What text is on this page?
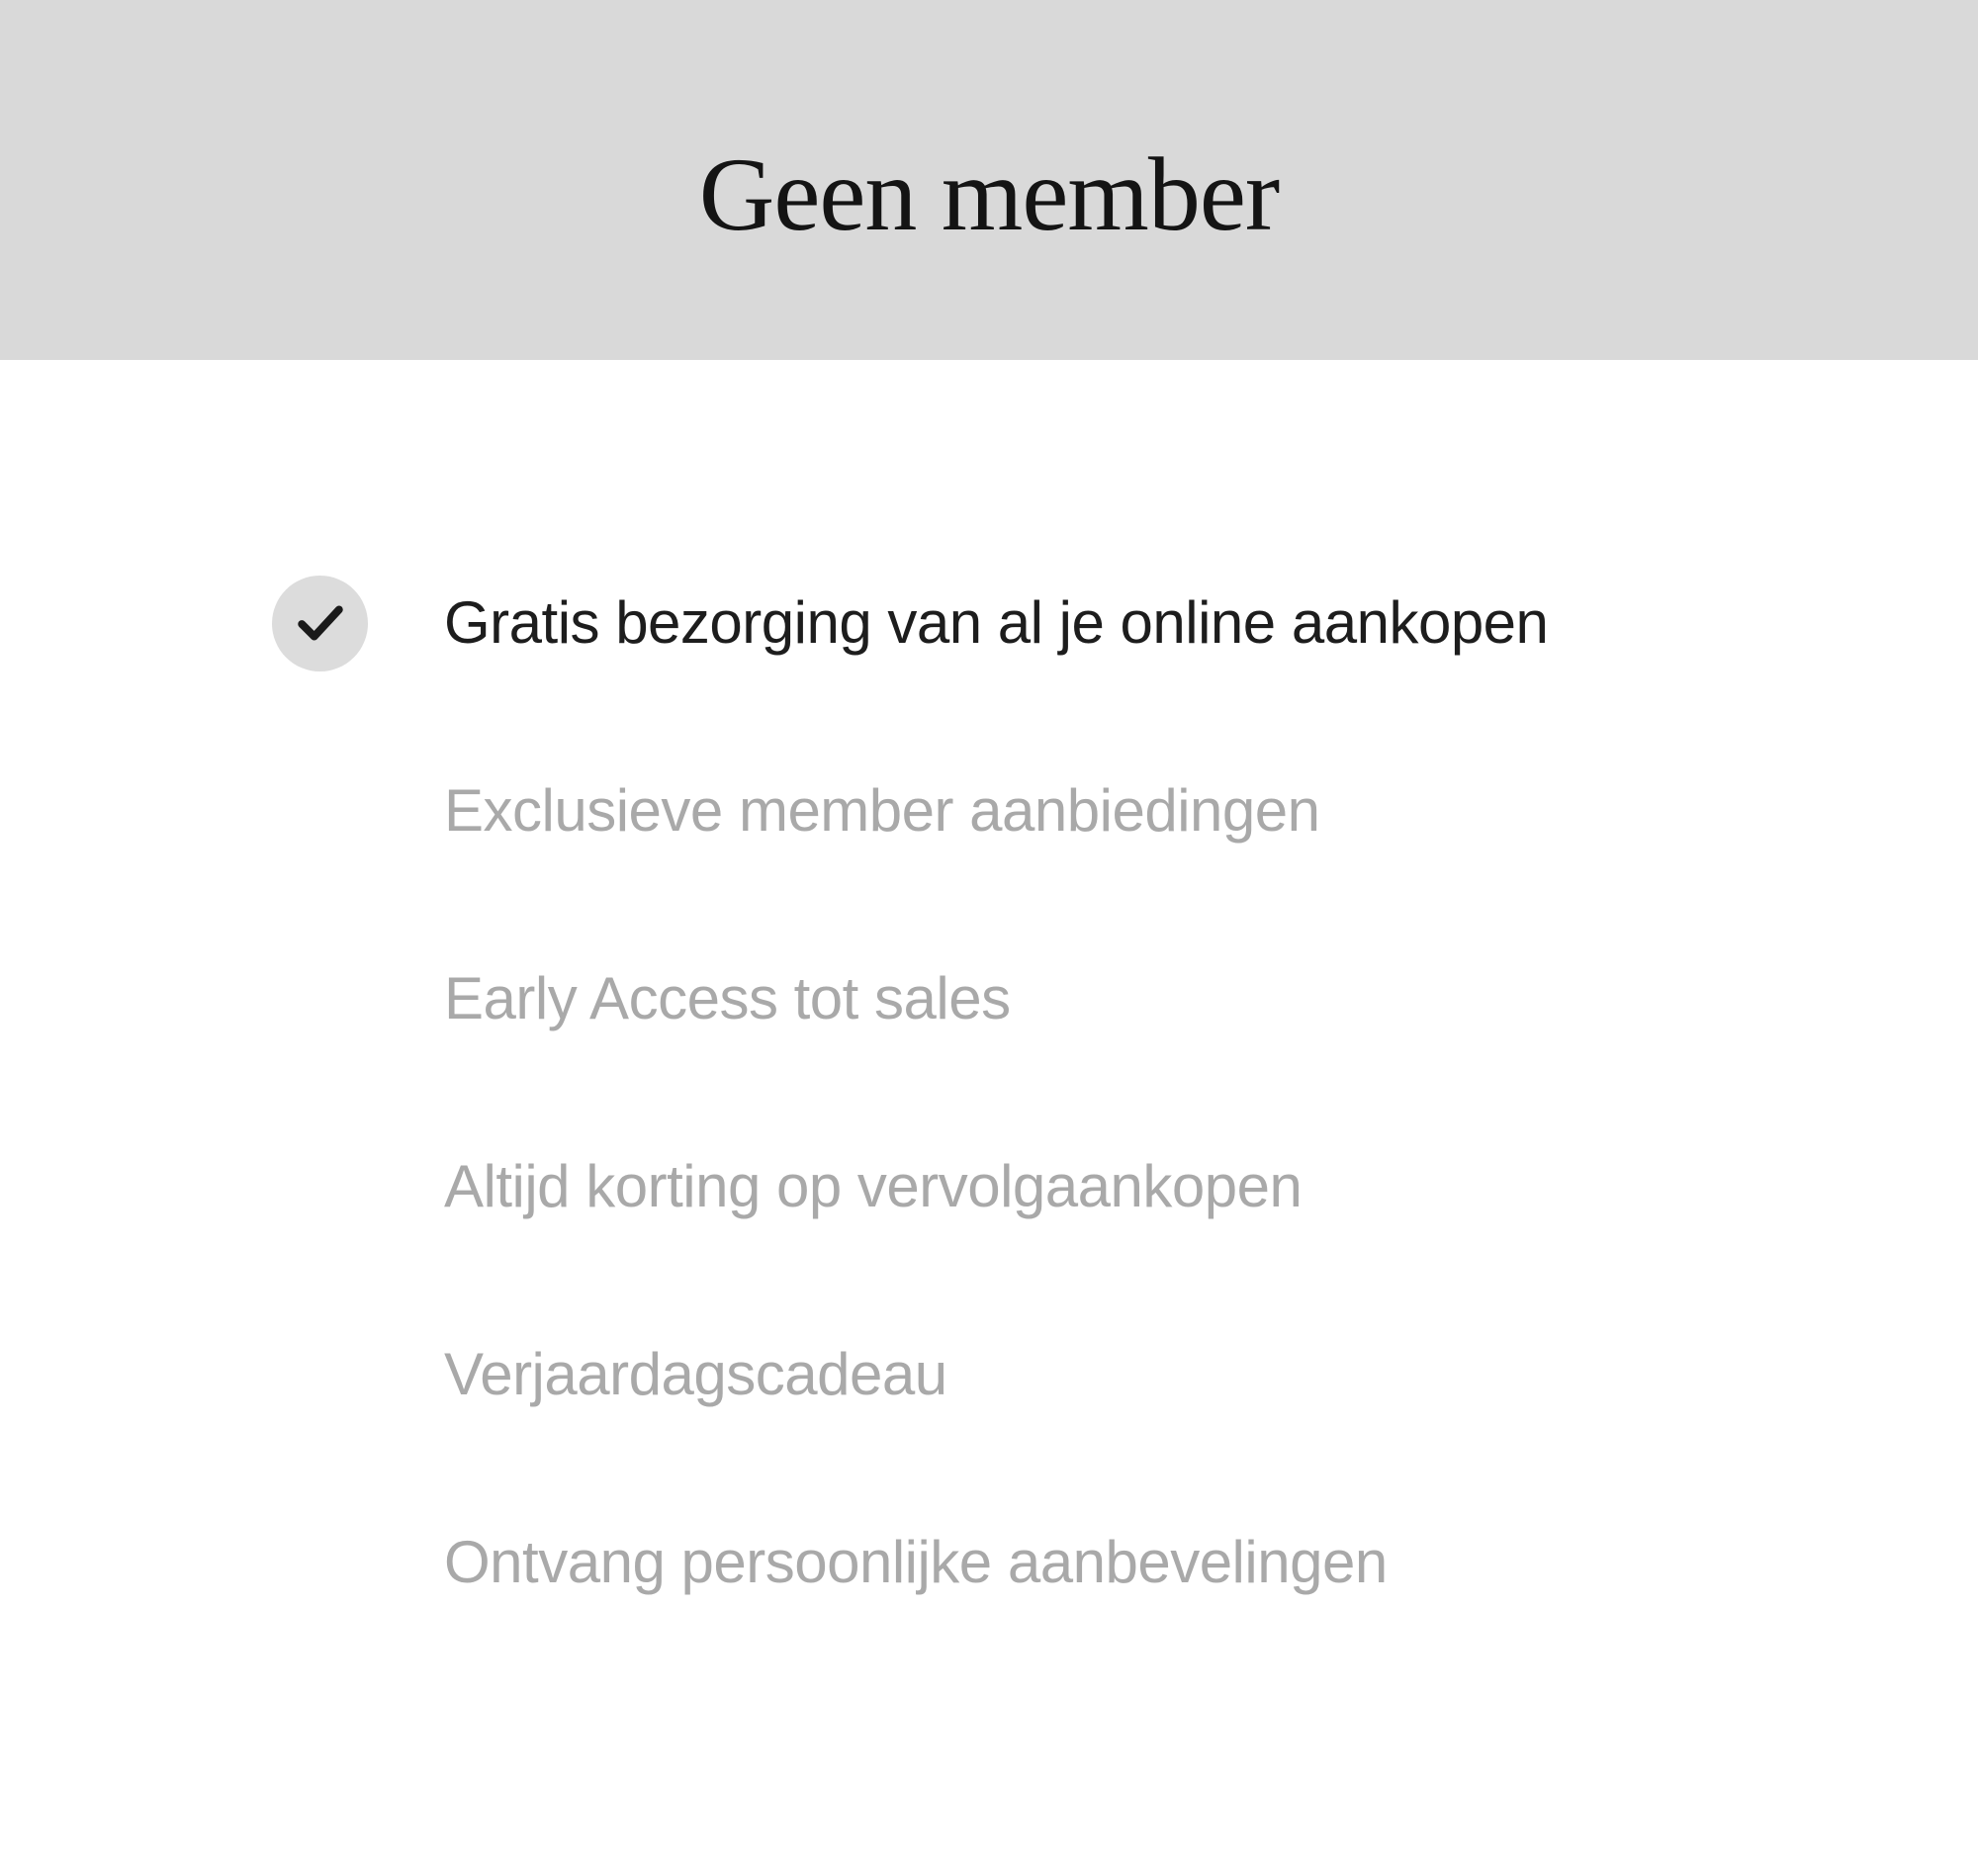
Geen member
Gratis bezorging van al je online aankopen
Exclusieve member aanbiedingen
Early Access tot sales
Altijd korting op vervolgaankopen
Verjaardagscadeau
Ontvang persoonlijke aanbevelingen
